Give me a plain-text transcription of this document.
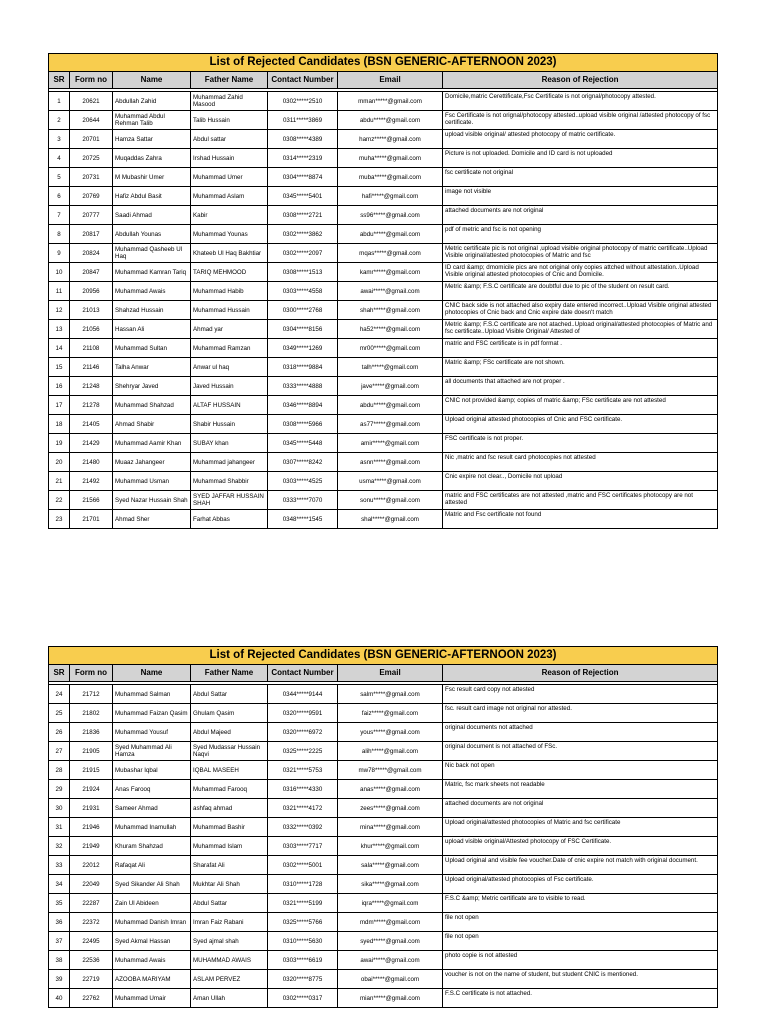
List of Rejected Candidates (BSN GENERIC-AFTERNOON 2023)						
SR	Form no	Name	Father Name	Contact Number	Email	Reason of Rejection

1	20621	Abdullah Zahid	Muhammad Zahid Masood	0302*****2510	mman*****@gmail.com	Domicile,matric Cerettificate,Fsc Certificate is not orignal/photocopy attested.
2	20644	Muhammad Abdul Rehman Talib	Talib Hussain	0311*****3869	abdu*****@gmail.com	Fsc Certificate is not orignal/photocopy attested..upload visible original /attested photocopy of fsc certificate.
3	20701	Hamza Sattar	Abdul sattar	0308*****4389	hamz*****@gmail.com	upload visible original/ attested photocopy of matric certificate.
4	20725	Muqaddas Zahra	Irshad Hussain	0314*****2319	muha*****@gmail.com	Picture is not uploaded. Domicile and ID card is not uploaded
5	20731	M Mubashir Umer	Muhammad Umer	0304*****8874	muba*****@gmail.com	fsc certificate not original
6	20769	Hafiz Abdul Basit	Muhammad Aslam	0345*****5401	hafi*****@gmail.com	image not visible
7	20777	Saadi Ahmad	Kabir	0308*****2721	ss96*****@gmail.com	attached documents are not original
8	20817	Abdullah Younas	Muhammad Younas	0302*****3862	abdu*****@gmail.com	pdf of metric and fsc is not opening
9	20824	Muhammad Qasheeb Ul Haq	Khateeb Ul Haq Bakhtiar	0302*****2097	mqas*****@gmail.com	Metric certificate pic is not original ,upload visible original photocopy of matric certificate..Upload Visible original/attested photocopies of Matric and fsc
10	20847	Muhammad Kamran Tariq	TARIQ MEHMOOD	0308*****1513	kamr*****@gmail.com	ID card &amp; dmomicile pics are not original only copies attched without attestation..Upload Visible original attested photocopies of Cnic and Domicile.
11	20956	Muhammad Awais	Muhammad Habib	0303*****4558	awai*****@gmail.com	Metric &amp; F.S.C certificate are doubtful due to pic of the student on result card.
12	21013	Shahzad Hussain	Muhammad Hussain	0300*****2768	shah*****@gmail.com	CNIC back side is not attached also expiry date entered incorrect..Upload Visible original attested photocopies of Cnic back and Cnic expire date doesn't match
13	21056	Hassan Ali	Ahmad yar	0304*****8156	ha52*****@gmail.com	Metric &amp; F.S.C certificate are not atached..Upload original/attested photocopies of Matric and fsc certificate..Upload Visible Original/ Attested of
14	21108	Muhammad Sultan	Muhammad Ramzan	0349*****1269	mr00*****@gmail.com	matric and FSC certificate is in pdf format .
15	21146	Talha Anwar	Anwar ul haq	0318*****9884	talh*****@gmail.com	Matric &amp; FSc certificate are not shown.
16	21248	Shehryar Javed	Javed Hussain	0333*****4888	jave*****@gmail.com	all documents that attached are not proper .
17	21278	Muhammad Shahzad	ALTAF HUSSAIN	0346*****8894	abdu*****@gmail.com	CNIC not provided &amp; copies of matric &amp; FSc certificate are not attested
18	21405	Ahmad Shabir	Shabir Hussain	0308*****5966	as77*****@gmail.com	Upload original attested photocopies of Cnic and FSC certificate.
19	21429	Muhammad Aamir Khan	SUBAY khan	0345*****5448	amir*****@gmail.com	FSC certificate is not proper.
20	21480	Muaaz Jahangeer	Muhammad jahangeer	0307*****8242	asnn*****@gmail.com	Nic ,matric and fsc result card photocopies not attested
21	21492	Muhammad Usman	Muhammad Shabbir	0303*****4525	usma*****@gmail.com	Cnic expire not clear.., Domicile not upload
22	21566	Syed Nazar Hussain Shah	SYED JAFFAR HUSSAIN SHAH	0333*****7070	sonu*****@gmail.com	matric and FSC certificates are not attested ,matric and FSC certificates photocopy are not attested
23	21701	Ahmad Sher	Farhat Abbas	0348*****1545	shal*****@gmail.com	Matric and Fsc certificate not found
List of Rejected Candidates (BSN GENERIC-AFTERNOON 2023)						
SR	Form no	Name	Father Name	Contact Number	Email	Reason of Rejection

24	21712	Muhammad Salman	Abdul Sattar	0344*****9144	salm*****@gmail.com	Fsc result card copy not attested
25	21802	Muhammad Faizan Qasim	Ghulam Qasim	0320*****9591	faiz*****@gmail.com	fsc. result card image not original nor attested.
26	21836	Muhammad Yousuf	Abdul Majeed	0320*****6972	yous*****@gmail.com	original documents not attached
27	21905	Syed Muhammad Ali Hamza	Syed Mudassar Hussain Naqvi	0325*****2225	alih*****@gmail.com	original document is not attached of FSc.
28	21915	Mubashar Iqbal	IQBAL MASEEH	0321*****5753	mw78*****@gmail.com	Nic back not open
29	21924	Anas Farooq	Muhammad Farooq	0316*****4330	anas*****@gmail.com	Matric, fsc mark sheets not readable
30	21931	Sameer Ahmad	ashfaq ahmad	0321*****4172	zees*****@gmail.com	attached documents are not original
31	21946	Muhammad Inamullah	Muhammad Bashir	0332*****0392	mina*****@gmail.com	Upload original/attested photocopies of Matric and fsc certificate
32	21949	Khuram Shahzad	Muhammad Islam	0303*****7717	khur*****@gmail.com	upload visible original/Attested photocopy of FSC Certificate.
33	22012	Rafaqat Ali	Sharafat Ali	0302*****5001	sala*****@gmail.com	Upload original and visible fee voucher.Date of cnic expire not match with original document.
34	22049	Syed Sikander Ali Shah	Mukhtar Ali Shah	0310*****1728	sika*****@gmail.com	Upload original/attested photocopies of Fsc certificate.
35	22287	Zain Ul Abideen	Abdul Sattar	0321*****5199	iqra*****@gmail.com	F.S.C &amp; Metric certificate are to visible to read.
36	22372	Muhammad Danish Imran	Imran Faiz Rabani	0325*****5766	mdm*****@gmail.com	file not open
37	22495	Syed Akmal Hassan	Syed ajmal shah	0310*****5630	syed*****@gmail.com	file not open
38	22536	Muhammad Awais	MUHAMMAD AWAIS	0303*****6619	awai*****@gmail.com	photo copie is not attested
39	22719	AZOOBA MARIYAM	ASLAM PERVEZ	0320*****8775	obai*****@gmail.com	voucher is not on the name of student, but student CNIC is mentioned.
40	22762	Muhammad Umair	Aman Ullah	0302*****0317	mian*****@gmail.com	F.S.C certificate is not attached.
